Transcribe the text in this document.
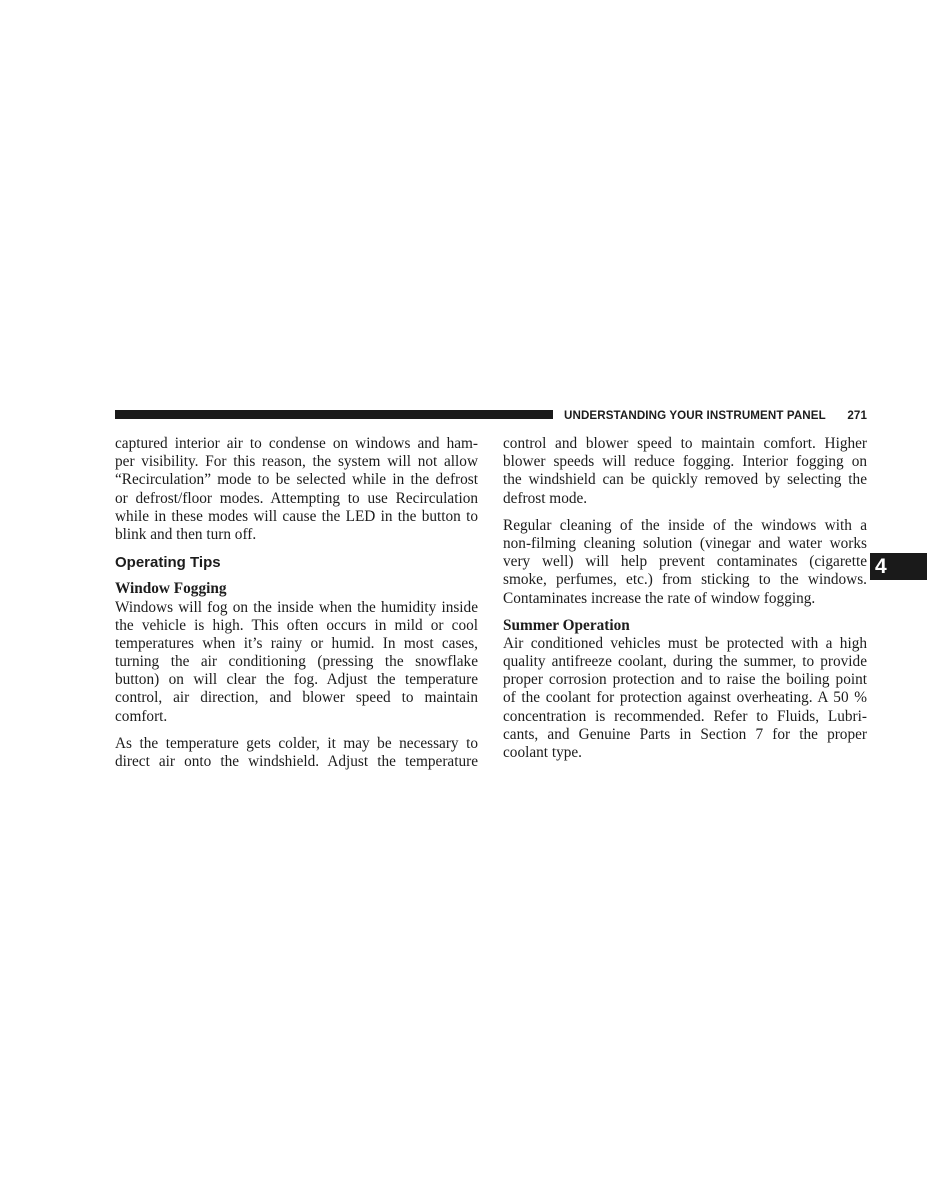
UNDERSTANDING YOUR INSTRUMENT PANEL 271
4
captured interior air to condense on windows and ham-
per visibility. For this reason, the system will not allow
“Recirculation” mode to be selected while in the defrost
or defrost/floor modes. Attempting to use Recirculation
while in these modes will cause the LED in the button to
blink and then turn off.
Operating Tips
Window Fogging
Windows will fog on the inside when the humidity inside
the vehicle is high. This often occurs in mild or cool
temperatures when it’s rainy or humid. In most cases,
turning the air conditioning (pressing the snowflake
button) on will clear the fog. Adjust the temperature
control, air direction, and blower speed to maintain
comfort.
As the temperature gets colder, it may be necessary to
direct air onto the windshield. Adjust the temperature
control and blower speed to maintain comfort. Higher
blower speeds will reduce fogging. Interior fogging on
the windshield can be quickly removed by selecting the
defrost mode.
Regular cleaning of the inside of the windows with a
non-filming cleaning solution (vinegar and water works
very well) will help prevent contaminates (cigarette
smoke, perfumes, etc.) from sticking to the windows.
Contaminates increase the rate of window fogging.
Summer Operation
Air conditioned vehicles must be protected with a high
quality antifreeze coolant, during the summer, to provide
proper corrosion protection and to raise the boiling point
of the coolant for protection against overheating. A 50 %
concentration is recommended. Refer to Fluids, Lubri-
cants, and Genuine Parts in Section 7 for the proper
coolant type.
